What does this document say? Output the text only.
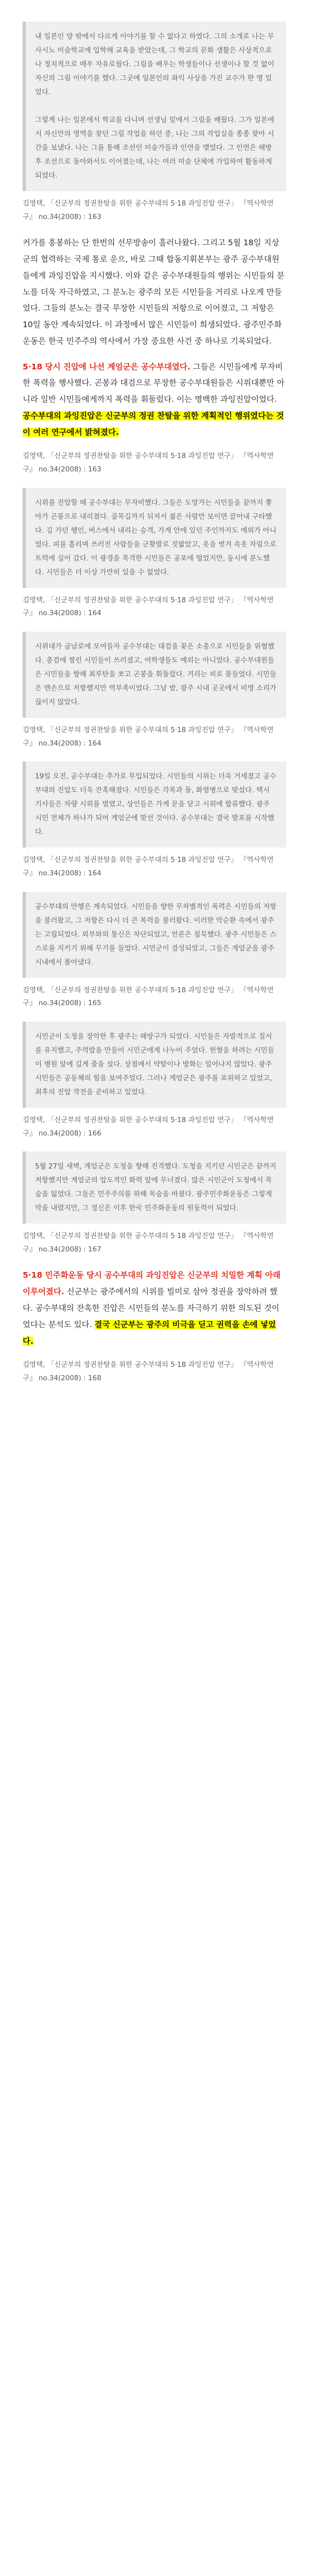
내 일본인 양 밖에서 다르게 이야기를 할 수 없다고 하였다. 그의 소개로 나는 무사시노 미술학교에 입학해 교육을 받았는데, 그 학교의 문화 생활은 사상적으로나 정치적으로 매우 자유로웠다. 그림을 배우는 학생들이나 선생이나 할 것 없이 자신의 그림 이야기를 했다. 그곳에 일본인의 좌익 사상을 가진 교수가 한 명 있었다.

그렇게 나는 일본에서 학교를 다니며 선생님 밑에서 그림을 배웠다. 그가 일본에서 자신만의 영역을 찾던 그림 작업을 하던 중, 나는 그의 작업실을 종종 찾아 시간을 보냈다. 나는 그를 통해 조선인 미술가들과 인연을 맺었다. 그 인연은 해방 후 조선으로 돌아와서도 이어졌는데, 나는 여러 미술 단체에 가입하여 활동하게 되었다.
김영택, 「신군부의 정권찬탈을 위한 공수부대의 5·18 과잉진압 연구」 『역사학연구』 no.34(2008) : 163
커가를 흥봉하는 단 한번의 선무방송이 흘러나왔다. 그리고 5월 18일 지상군의 협력하는 국제 통로 운으, 바로 그때 합동지휘본부는 광주 공수부대원들에게 과잉진압을 지시했다. 이와 같은 공수부대원들의 행위는 시민들의 분노를 더욱 자극하였고, 그 분노는 광주의 모든 시민들을 거리로 나오게 만들었다. 그들의 분노는 결국 무장한 시민들의 저항으로 이어졌고, 그 저항은 10일 동안 계속되었다. 이 과정에서 많은 시민들이 희생되었다. 광주민주화운동은 한국 민주주의 역사에서 가장 중요한 사건 중 하나로 기록되었다.
5·18 당시 진압에 나선 계엄군은 공수부대였다. 그들은 시민들에게 무자비한 폭력을 행사했다. 곤봉과 대검으로 무장한 공수부대원들은 시위대뿐만 아니라 일반 시민들에게까지 폭력을 휘둘렀다. 이는 명백한 과잉진압이었다. 공수부대의 과잉진압은 신군부의 정권 찬탈을 위한 계획적인 행위였다는 것이 여러 연구에서 밝혀졌다.
김영택, 「신군부의 정권찬탈을 위한 공수부대의 5·18 과잉진압 연구」 『역사학연구』 no.34(2008) : 163
시위를 진압할 때 공수부대는 무자비했다. 그들은 도망가는 시민들을 끝까지 쫓아가 곤봉으로 내리쳤다. 골목길까지 뒤져서 젊은 사람만 보이면 끌어내 구타했다. 길 가던 행인, 버스에서 내리는 승객, 가게 안에 있던 주인까지도 예외가 아니었다. 피를 흘리며 쓰러진 사람들을 군홧발로 짓밟았고, 옷을 벗겨 속옷 차림으로 트럭에 실어 갔다. 이 광경을 목격한 시민들은 공포에 떨었지만, 동시에 분노했다. 시민들은 더 이상 가만히 있을 수 없었다.
김영택, 「신군부의 정권찬탈을 위한 공수부대의 5·18 과잉진압 연구」 『역사학연구』 no.34(2008) : 164
시위대가 금남로에 모여들자 공수부대는 대검을 꽂은 소총으로 시민들을 위협했다. 총검에 찔린 시민들이 쓰러졌고, 여학생들도 예외는 아니었다. 공수부대원들은 시민들을 향해 최루탄을 쏘고 곤봉을 휘둘렀다. 거리는 피로 물들었다. 시민들은 맨손으로 저항했지만 역부족이었다. 그날 밤, 광주 시내 곳곳에서 비명 소리가 끊이지 않았다.
김영택, 「신군부의 정권찬탈을 위한 공수부대의 5·18 과잉진압 연구」 『역사학연구』 no.34(2008) : 164
19일 오전, 공수부대는 추가로 투입되었다. 시민들의 시위는 더욱 거세졌고 공수부대의 진압도 더욱 잔혹해졌다. 시민들은 각목과 돌, 화염병으로 맞섰다. 택시 기사들은 차량 시위를 벌였고, 상인들은 가게 문을 닫고 시위에 합류했다. 광주 시민 전체가 하나가 되어 계엄군에 맞선 것이다. 공수부대는 결국 발포를 시작했다.
김영택, 「신군부의 정권찬탈을 위한 공수부대의 5·18 과잉진압 연구」 『역사학연구』 no.34(2008) : 164
공수부대의 만행은 계속되었다. 시민들을 향한 무차별적인 폭력은 시민들의 저항을 불러왔고, 그 저항은 다시 더 큰 폭력을 불러왔다. 이러한 악순환 속에서 광주는 고립되었다. 외부와의 통신은 차단되었고, 언론은 침묵했다. 광주 시민들은 스스로를 지키기 위해 무기를 들었다. 시민군이 결성되었고, 그들은 계엄군을 광주 시내에서 몰아냈다.
김영택, 「신군부의 정권찬탈을 위한 공수부대의 5·18 과잉진압 연구」 『역사학연구』 no.34(2008) : 165
시민군이 도청을 장악한 후 광주는 해방구가 되었다. 시민들은 자발적으로 질서를 유지했고, 주먹밥을 만들어 시민군에게 나누어 주었다. 헌혈을 하려는 시민들이 병원 앞에 길게 줄을 섰다. 상점에서 약탈이나 방화는 일어나지 않았다. 광주 시민들은 공동체의 힘을 보여주었다. 그러나 계엄군은 광주를 포위하고 있었고, 최후의 진압 작전을 준비하고 있었다.
김영택, 「신군부의 정권찬탈을 위한 공수부대의 5·18 과잉진압 연구」 『역사학연구』 no.34(2008) : 166
5월 27일 새벽, 계엄군은 도청을 향해 진격했다. 도청을 지키던 시민군은 끝까지 저항했지만 계엄군의 압도적인 화력 앞에 무너졌다. 많은 시민군이 도청에서 목숨을 잃었다. 그들은 민주주의를 위해 목숨을 바쳤다. 광주민주화운동은 그렇게 막을 내렸지만, 그 정신은 이후 한국 민주화운동의 원동력이 되었다.
김영택, 「신군부의 정권찬탈을 위한 공수부대의 5·18 과잉진압 연구」 『역사학연구』 no.34(2008) : 167
5·18 민주화운동 당시 공수부대의 과잉진압은 신군부의 치밀한 계획 아래 이루어졌다. 신군부는 광주에서의 시위를 빌미로 삼아 정권을 장악하려 했다. 공수부대의 잔혹한 진압은 시민들의 분노를 자극하기 위한 의도된 것이었다는 분석도 있다. 결국 신군부는 광주의 비극을 딛고 권력을 손에 넣었다.
김영택, 「신군부의 정권찬탈을 위한 공수부대의 5·18 과잉진압 연구」 『역사학연구』 no.34(2008) : 168
